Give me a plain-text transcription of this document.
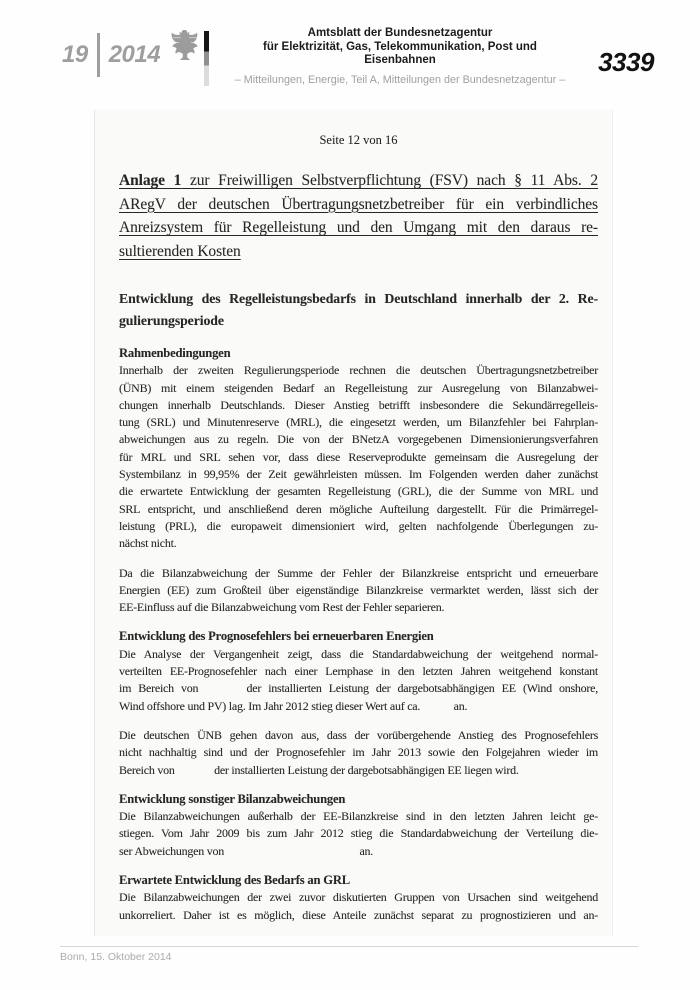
19 2014
Amtsblatt der Bundesnetzagentur
für Elektrizität, Gas, Telekommunikation, Post und Eisenbahnen
– Mitteilungen, Energie, Teil A, Mitteilungen der Bundesnetzagentur –
3339
Seite 12 von 16
Anlage 1 zur Freiwilligen Selbstverpflichtung (FSV) nach § 11 Abs. 2
ARegV der deutschen Übertragungsnetzbetreiber für ein verbindliches
Anreizsystem für Regelleistung und den Umgang mit den daraus re-
sultierenden Kosten
Entwicklung des Regelleistungsbedarfs in Deutschland innerhalb der 2. Re-
gulierungsperiode
Rahmenbedingungen
Innerhalb der zweiten Regulierungsperiode rechnen die deutschen Übertragungsnetzbetreiber
(ÜNB) mit einem steigenden Bedarf an Regelleistung zur Ausregelung von Bilanzabwei-
chungen innerhalb Deutschlands. Dieser Anstieg betrifft insbesondere die Sekundärregelleis-
tung (SRL) und Minutenreserve (MRL), die eingesetzt werden, um Bilanzfehler bei Fahrplan-
abweichungen aus zu regeln. Die von der BNetzA vorgegebenen Dimensionierungsverfahren
für MRL und SRL sehen vor, dass diese Reserveprodukte gemeinsam die Ausregelung der
Systembilanz in 99,95% der Zeit gewährleisten müssen. Im Folgenden werden daher zunächst
die erwartete Entwicklung der gesamten Regelleistung (GRL), die der Summe von MRL und
SRL entspricht, und anschließend deren mögliche Aufteilung dargestellt. Für die Primärregel-
leistung (PRL), die europaweit dimensioniert wird, gelten nachfolgende Überlegungen zu-
nächst nicht.
Da die Bilanzabweichung der Summe der Fehler der Bilanzkreise entspricht und erneuerbare
Energien (EE) zum Großteil über eigenständige Bilanzkreise vermarktet werden, lässt sich der
EE-Einfluss auf die Bilanzabweichung vom Rest der Fehler separieren.
Entwicklung des Prognosefehlers bei erneuerbaren Energien
Die Analyse der Vergangenheit zeigt, dass die Standardabweichung der weitgehend normal-
verteilten EE-Prognosefehler nach einer Lernphase in den letzten Jahren weitgehend konstant
im Bereich von	der installierten Leistung der dargebotsabhängigen EE (Wind onshore,
Wind offshore und PV) lag. Im Jahr 2012 stieg dieser Wert auf ca.  an.
Die deutschen ÜNB gehen davon aus, dass der vorübergehende Anstieg des Prognosefehlers
nicht nachhaltig sind und der Prognosefehler im Jahr 2013 sowie den Folgejahren wieder im
Bereich von	der installierten Leistung der dargebotsabhängigen EE liegen wird.
Entwicklung sonstiger Bilanzabweichungen
Die Bilanzabweichungen außerhalb der EE-Bilanzkreise sind in den letzten Jahren leicht ge-
stiegen. Vom Jahr 2009 bis zum Jahr 2012 stieg die Standardabweichung der Verteilung die-
ser Abweichungen von	an.
Erwartete Entwicklung des Bedarfs an GRL
Die Bilanzabweichungen der zwei zuvor diskutierten Gruppen von Ursachen sind weitgehend
unkorreliert. Daher ist es möglich, diese Anteile zunächst separat zu prognostizieren und an-
Bonn, 15. Oktober 2014
